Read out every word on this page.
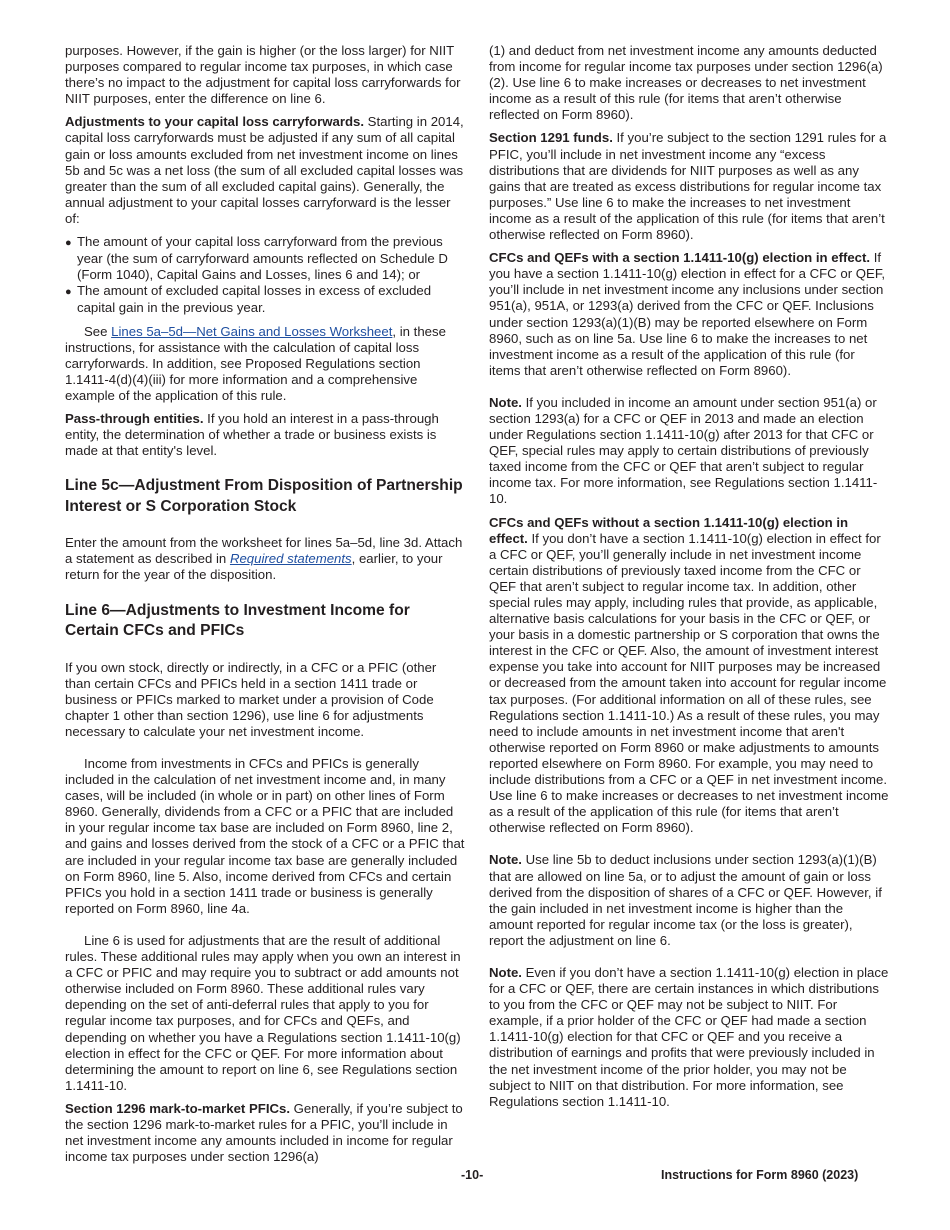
purposes. However, if the gain is higher (or the loss larger) for NIIT purposes compared to regular income tax purposes, in which case there’s no impact to the adjustment for capital loss carryforwards for NIIT purposes, enter the difference on line 6.

Adjustments to your capital loss carryforwards. Starting in 2014, capital loss carryforwards must be adjusted if any sum of all capital gain or loss amounts excluded from net investment income on lines 5b and 5c was a net loss (the sum of all excluded capital losses was greater than the sum of all excluded capital gains). Generally, the annual adjustment to your capital losses carryforward is the lesser of:

● The amount of your capital loss carryforward from the previous year (the sum of carryforward amounts reflected on Schedule D (Form 1040), Capital Gains and Losses, lines 6 and 14); or

● The amount of excluded capital losses in excess of excluded capital gain in the previous year.

See Lines 5a–5d—Net Gains and Losses Worksheet, in these instructions, for assistance with the calculation of capital loss carryforwards. In addition, see Proposed Regulations section 1.1411-4(d)(4)(iii) for more information and a comprehensive example of the application of this rule.

Pass-through entities. If you hold an interest in a pass-through entity, the determination of whether a trade or business exists is made at that entity's level.

Line 5c—Adjustment From Disposition of Partnership Interest or S Corporation Stock

Enter the amount from the worksheet for lines 5a–5d, line 3d. Attach a statement as described in Required statements, earlier, to your return for the year of the disposition.

Line 6—Adjustments to Investment Income for Certain CFCs and PFICs

If you own stock, directly or indirectly, in a CFC or a PFIC (other than certain CFCs and PFICs held in a section 1411 trade or business or PFICs marked to market under a provision of Code chapter 1 other than section 1296), use line 6 for adjustments necessary to calculate your net investment income.

Income from investments in CFCs and PFICs is generally included in the calculation of net investment income and, in many cases, will be included (in whole or in part) on other lines of Form 8960. Generally, dividends from a CFC or a PFIC that are included in your regular income tax base are included on Form 8960, line 2, and gains and losses derived from the stock of a CFC or a PFIC that are included in your regular income tax base are generally included on Form 8960, line 5. Also, income derived from CFCs and certain PFICs you hold in a section 1411 trade or business is generally reported on Form 8960, line 4a.

Line 6 is used for adjustments that are the result of additional rules. These additional rules may apply when you own an interest in a CFC or PFIC and may require you to subtract or add amounts not otherwise included on Form 8960. These additional rules vary depending on the set of anti-deferral rules that apply to you for regular income tax purposes, and for CFCs and QEFs, and depending on whether you have a Regulations section 1.1411-10(g) election in effect for the CFC or QEF. For more information about determining the amount to report on line 6, see Regulations section 1.1411-10.

Section 1296 mark-to-market PFICs. Generally, if you’re subject to the section 1296 mark-to-market rules for a PFIC, you’ll include in net investment income any amounts included in income for regular income tax purposes under section 1296(a)

(1) and deduct from net investment income any amounts deducted from income for regular income tax purposes under section 1296(a)(2). Use line 6 to make increases or decreases to net investment income as a result of this rule (for items that aren’t otherwise reflected on Form 8960).

Section 1291 funds. If you’re subject to the section 1291 rules for a PFIC, you’ll include in net investment income any “excess distributions that are dividends for NIIT purposes as well as any gains that are treated as excess distributions for regular income tax purposes.” Use line 6 to make the increases to net investment income as a result of the application of this rule (for items that aren’t otherwise reflected on Form 8960).

CFCs and QEFs with a section 1.1411-10(g) election in effect. If you have a section 1.1411-10(g) election in effect for a CFC or QEF, you’ll include in net investment income any inclusions under section 951(a), 951A, or 1293(a) derived from the CFC or QEF. Inclusions under section 1293(a)(1)(B) may be reported elsewhere on Form 8960, such as on line 5a. Use line 6 to make the increases to net investment income as a result of the application of this rule (for items that aren’t otherwise reflected on Form 8960).

Note. If you included in income an amount under section 951(a) or section 1293(a) for a CFC or QEF in 2013 and made an election under Regulations section 1.1411-10(g) after 2013 for that CFC or QEF, special rules may apply to certain distributions of previously taxed income from the CFC or QEF that aren’t subject to regular income tax. For more information, see Regulations section 1.1411-10.

CFCs and QEFs without a section 1.1411-10(g) election in effect. If you don’t have a section 1.1411-10(g) election in effect for a CFC or QEF, you’ll generally include in net investment income certain distributions of previously taxed income from the CFC or QEF that aren’t subject to regular income tax. In addition, other special rules may apply, including rules that provide, as applicable, alternative basis calculations for your basis in the CFC or QEF, or your basis in a domestic partnership or S corporation that owns the interest in the CFC or QEF. Also, the amount of investment interest expense you take into account for NIIT purposes may be increased or decreased from the amount taken into account for regular income tax purposes. (For additional information on all of these rules, see Regulations section 1.1411-10.) As a result of these rules, you may need to include amounts in net investment income that aren't otherwise reported on Form 8960 or make adjustments to amounts reported elsewhere on Form 8960. For example, you may need to include distributions from a CFC or a QEF in net investment income. Use line 6 to make increases or decreases to net investment income as a result of the application of this rule (for items that aren’t otherwise reflected on Form 8960).

Note. Use line 5b to deduct inclusions under section 1293(a)(1)(B) that are allowed on line 5a, or to adjust the amount of gain or loss derived from the disposition of shares of a CFC or QEF. However, if the gain included in net investment income is higher than the amount reported for regular income tax (or the loss is greater), report the adjustment on line 6.

Note. Even if you don’t have a section 1.1411-10(g) election in place for a CFC or QEF, there are certain instances in which distributions to you from the CFC or QEF may not be subject to NIIT. For example, if a prior holder of the CFC or QEF had made a section 1.1411-10(g) election for that CFC or QEF and you receive a distribution of earnings and profits that were previously included in the net investment income of the prior holder, you may not be subject to NIIT on that distribution. For more information, see Regulations section 1.1411-10.

-10-	Instructions for Form 8960 (2023)
